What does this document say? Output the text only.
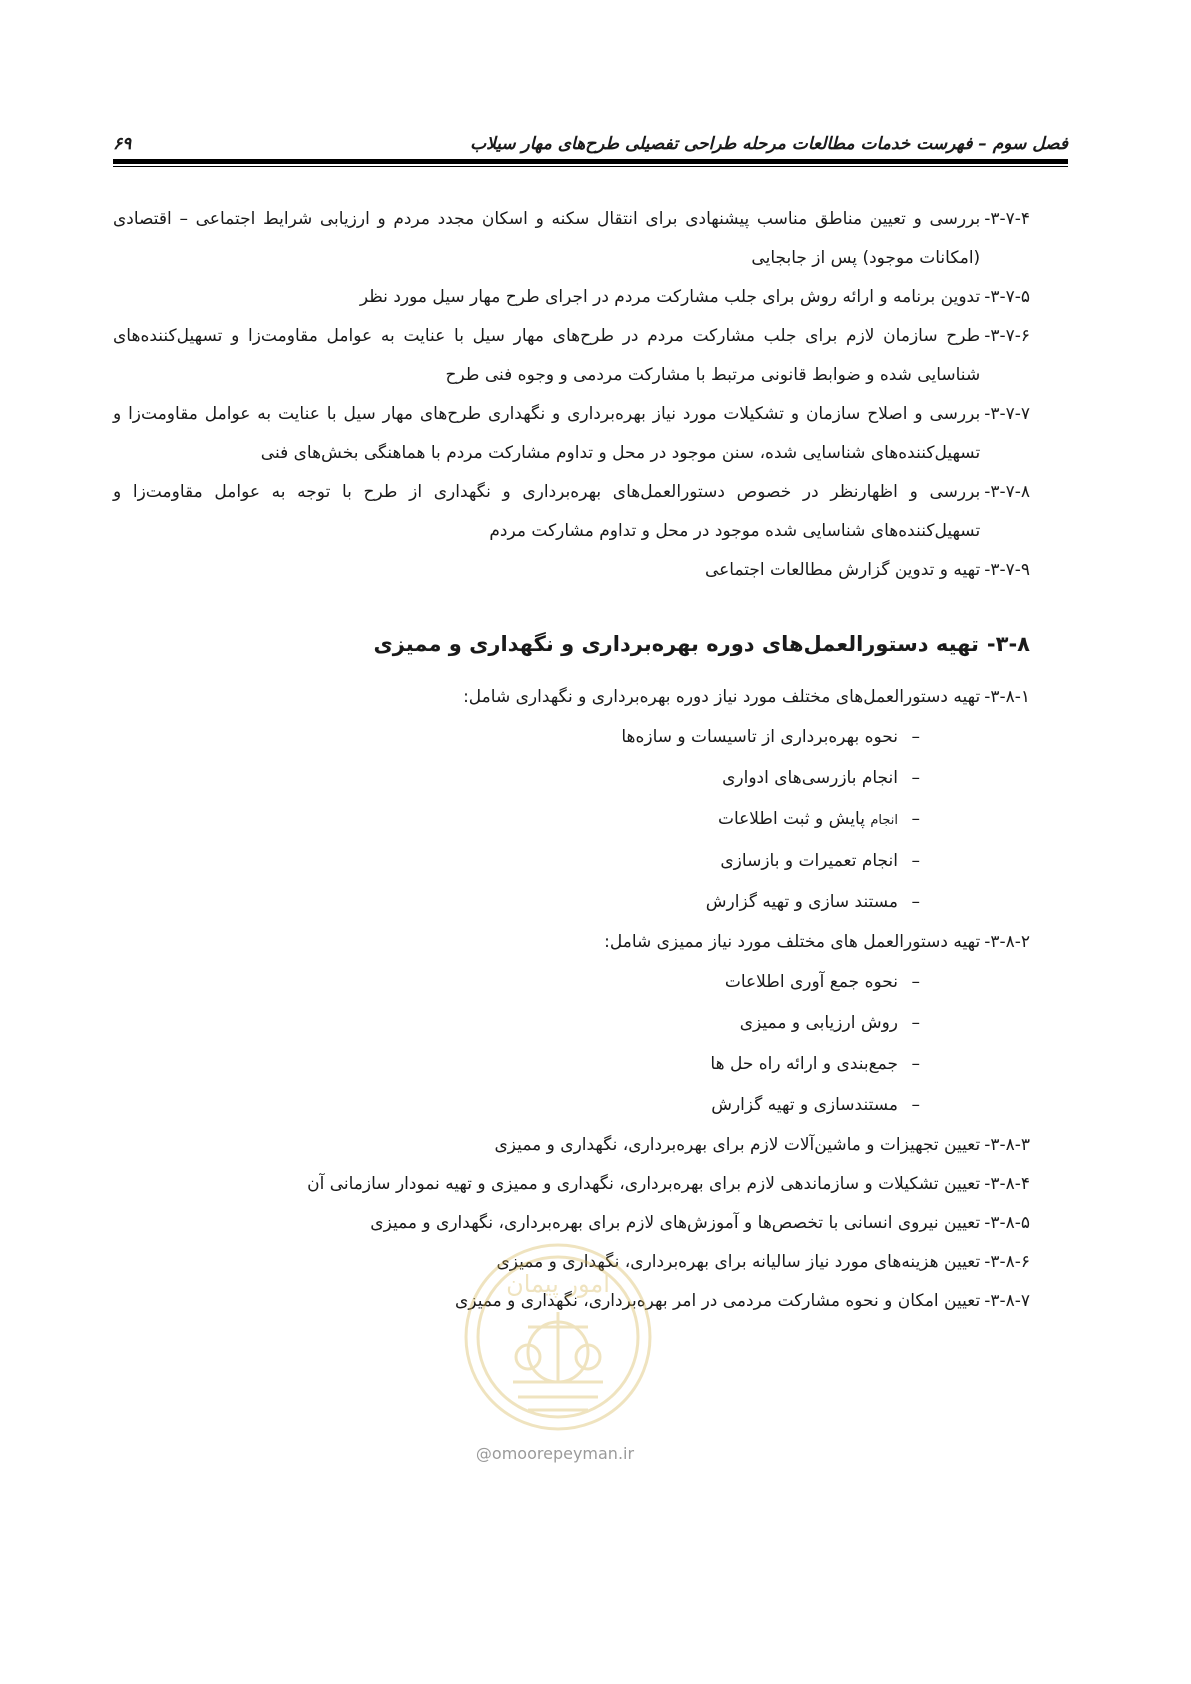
فصل سوم – فهرست خدمات مطالعات مرحله طراحی تفصیلی طرح‌های مهار سیلاب
۶۹
۳-۷-۴-
بررسی و تعیین مناطق مناسب پیشنهادی برای انتقال سکنه و اسکان مجدد مردم و ارزیابی شرایط اجتماعی – اقتصادی (امکانات موجود) پس از جابجایی
۳-۷-۵-
تدوین برنامه و ارائه روش برای جلب مشارکت مردم در اجرای طرح مهار سیل مورد نظر
۳-۷-۶-
طرح سازمان لازم برای جلب مشارکت مردم در طرح‌های مهار سیل با عنایت به عوامل مقاومت‌زا و تسهیل‌کننده‌های شناسایی شده و ضوابط قانونی مرتبط با مشارکت مردمی و وجوه فنی طرح
۳-۷-۷-
بررسی و اصلاح سازمان و تشکیلات مورد نیاز بهره‌برداری و نگهداری طرح‌های مهار سیل با عنایت به عوامل مقاومت‌زا و تسهیل‌کننده‌های شناسایی شده، سنن موجود در محل و تداوم مشارکت مردم با هماهنگی بخش‌های فنی
۳-۷-۸-
بررسی و اظهارنظر در خصوص دستورالعمل‌های بهره‌برداری و نگهداری از طرح با توجه به عوامل مقاومت‌زا و تسهیل‌کننده‌های شناسایی شده موجود در محل و تداوم مشارکت مردم
۳-۷-۹-
تهیه و تدوین گزارش مطالعات اجتماعی
۳-۸-تهیه دستورالعمل‌های دوره بهره‌برداری و نگهداری و ممیزی
۳-۸-۱-
تهیه دستورالعمل‌های مختلف مورد نیاز دوره بهره‌برداری و نگهداری شامل:
–
نحوه بهره‌برداری از تاسیسات و سازه‌ها
–
انجام بازرسی‌های ادواری
–
انجام پایش و ثبت اطلاعات
–
انجام تعمیرات و بازسازی
–
مستند سازی و تهیه گزارش
۳-۸-۲-
تهیه دستورالعمل های مختلف مورد نیاز ممیزی شامل:
–
نحوه جمع آوری اطلاعات
–
روش ارزیابی و ممیزی
–
جمع‌بندی و ارائه راه حل ها
–
مستندسازی و تهیه گزارش
۳-۸-۳-
تعیین تجهیزات و ماشین‌آلات لازم برای بهره‌برداری، نگهداری و ممیزی
۳-۸-۴-
تعیین تشکیلات و سازماندهی لازم برای بهره‌برداری، نگهداری و ممیزی و تهیه نمودار سازمانی آن
۳-۸-۵-
تعیین نیروی انسانی با تخصص‌ها و آموزش‌های لازم برای بهره‌برداری، نگهداری و ممیزی
۳-۸-۶-
تعیین هزینه‌های مورد نیاز سالیانه برای بهره‌برداری، نگهداری و ممیزی
۳-۸-۷-
تعیین امکان و نحوه مشارکت مردمی در امر بهره‌برداری، نگهداری و ممیزی
امور پیمان
@omoorepeyman.ir
